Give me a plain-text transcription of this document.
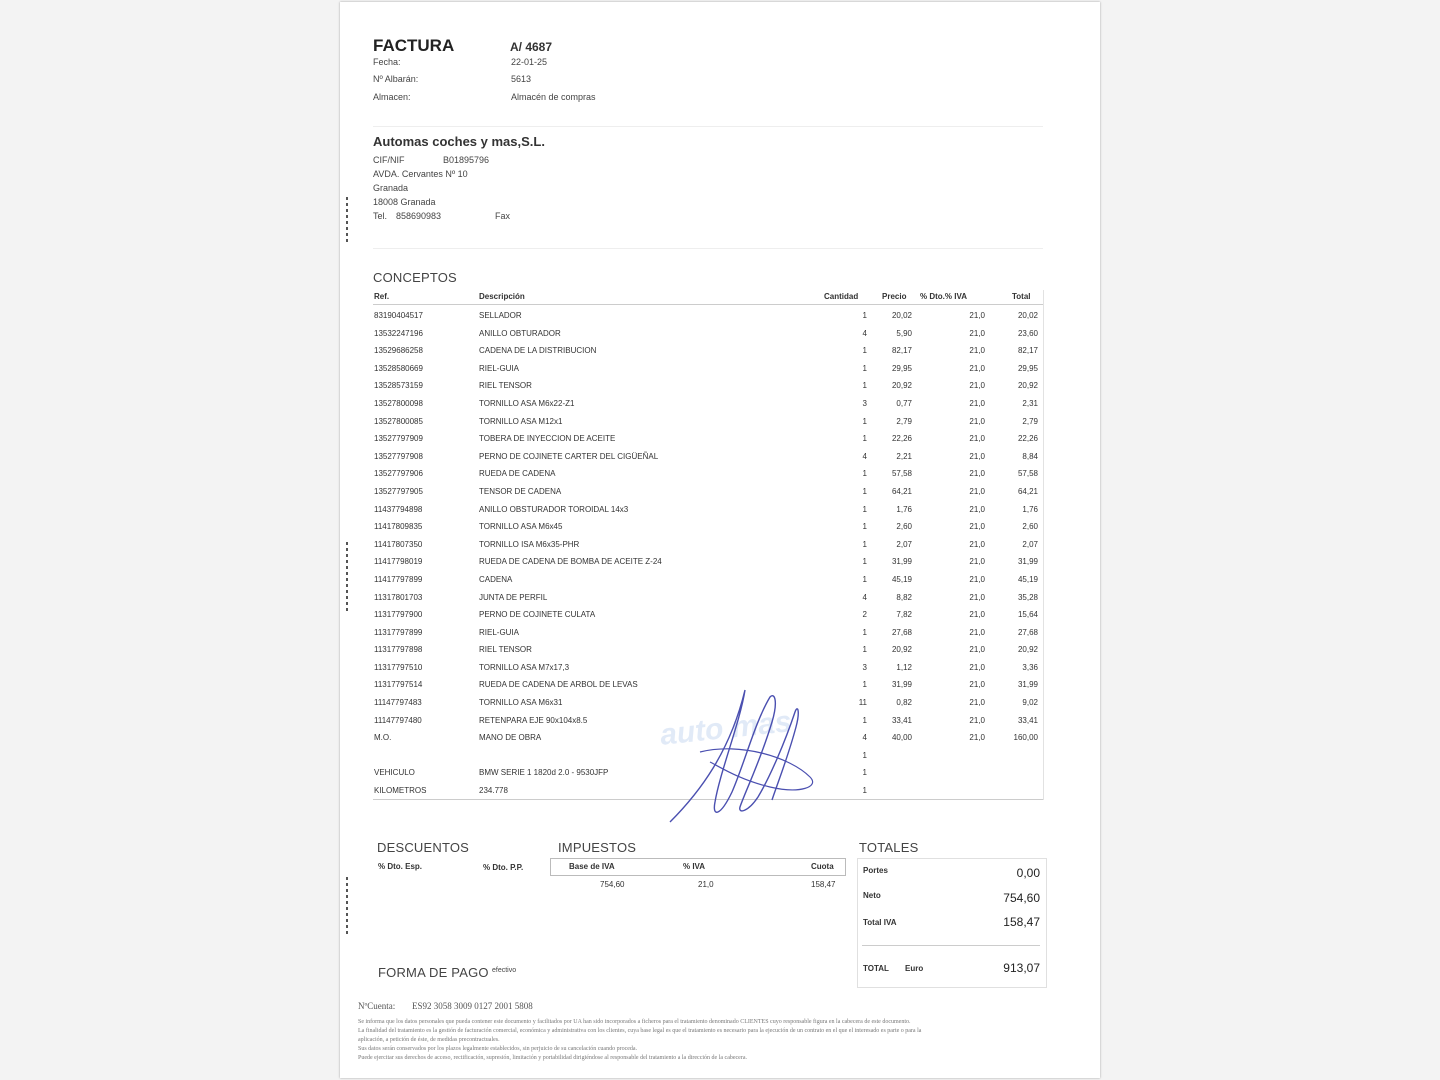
FACTURA	A/ 4687
Fecha:	22-01-25
Nº Albarán:	5613
Almacen:	Almacén de compras
Automas coches y mas,S.L.
CIF/NIF	B01895796
AVDA. Cervantes Nº 10
Granada
18008 Granada
Tel. 858690983	Fax
CONCEPTOS
Ref.	Descripción	Cantidad	Precio % Dto.% IVA	Total
83190404517	SELLADOR	1	20,02	21,0	20,02
13532247196	ANILLO OBTURADOR	4	5,90	21,0	23,60
13529686258	CADENA DE LA DISTRIBUCION	1	82,17	21,0	82,17
13528580669	RIEL-GUIA	1	29,95	21,0	29,95
13528573159	RIEL TENSOR	1	20,92	21,0	20,92
13527800098	TORNILLO ASA M6x22-Z1	3	0,77	21,0	2,31
13527800085	TORNILLO ASA M12x1	1	2,79	21,0	2,79
13527797909	TOBERA DE INYECCION DE ACEITE	1	22,26	21,0	22,26
13527797908	PERNO DE COJINETE CARTER DEL CIGÜEÑAL	4	2,21	21,0	8,84
13527797906	RUEDA DE CADENA	1	57,58	21,0	57,58
13527797905	TENSOR DE CADENA	1	64,21	21,0	64,21
11437794898	ANILLO OBSTURADOR TOROIDAL 14x3	1	1,76	21,0	1,76
11417809835	TORNILLO ASA M6x45	1	2,60	21,0	2,60
11417807350	TORNILLO ISA M6x35-PHR	1	2,07	21,0	2,07
11417798019	RUEDA DE CADENA DE BOMBA DE ACEITE Z-24	1	31,99	21,0	31,99
11417797899	CADENA	1	45,19	21,0	45,19
11317801703	JUNTA DE PERFIL	4	8,82	21,0	35,28
11317797900	PERNO DE COJINETE CULATA	2	7,82	21,0	15,64
11317797899	RIEL-GUIA	1	27,68	21,0	27,68
11317797898	RIEL TENSOR	1	20,92	21,0	20,92
11317797510	TORNILLO ASA M7x17,3	3	1,12	21,0	3,36
11317797514	RUEDA DE CADENA DE ARBOL DE LEVAS	1	31,99	21,0	31,99
11147797483	TORNILLO ASA M6x31	11	0,82	21,0	9,02
11147797480	RETENPARA EJE 90x104x8.5	1	33,41	21,0	33,41
M.O.	MANO DE OBRA	4	40,00	21,0	160,00
1
VEHICULO	BMW SERIE 1 1820d 2.0 - 9530JFP	1
KILOMETROS	234.778	1
auto mas
DESCUENTOS
% Dto. Esp.	% Dto. P.P.
IMPUESTOS
Base de IVA	% IVA	Cuota
754,60	21,0	158,47
TOTALES
Portes	0,00
Neto	754,60
Total IVA	158,47
TOTAL Euro	913,07
FORMA DE PAGO efectivo
NºCuenta: ES92 3058 3009 0127 2001 5808
Se informa que los datos personales que pueda contener este documento y facilitados por UA han sido incorporados a ficheros para el tratamiento denominado CLIENTES cuyo responsable figura en la cabecera de este documento.
La finalidad del tratamiento es la gestión de facturación comercial, económica y administrativa con los clientes, cuya base legal es que el tratamiento es necesario para la ejecución de un contrato en el que el interesado es parte o para la
aplicación, a petición de éste, de medidas precontractuales.
Sus datos serán conservados por los plazos legalmente establecidos, sin perjuicio de su cancelación cuando proceda.
Puede ejercitar sus derechos de acceso, rectificación, supresión, limitación y portabilidad dirigiéndose al responsable del tratamiento a la dirección de la cabecera.
